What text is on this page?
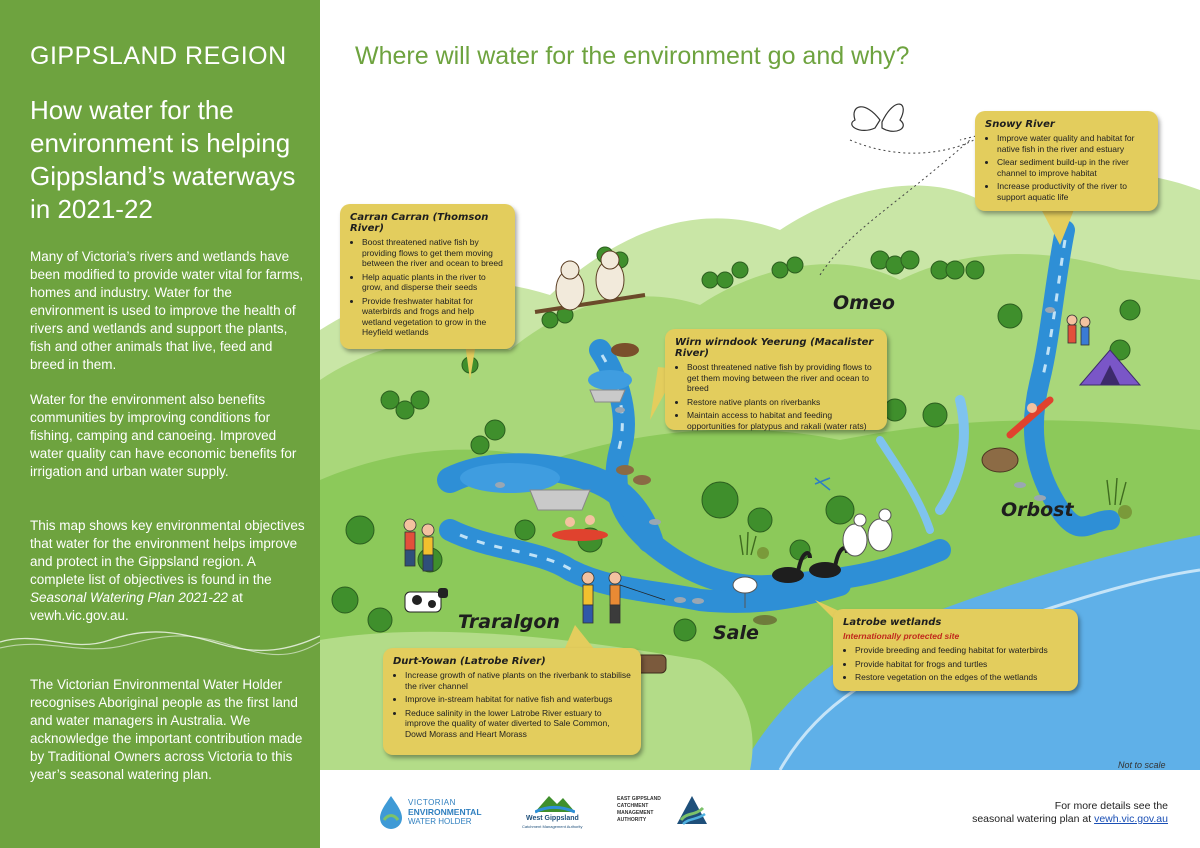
GIPPSLAND REGION
How water for the environment is helping Gippsland’s waterways in 2021-22
Many of Victoria’s rivers and wetlands have been modified to provide water vital for farms, homes and industry. Water for the environment is used to improve the health of rivers and wetlands and support the plants, fish and other animals that live, feed and breed in them.
Water for the environment also benefits communities by improving conditions for fishing, camping and canoeing. Improved water quality can have economic benefits for irrigation and urban water supply.
This map shows key environmental objectives that water for the environment helps improve and protect in the Gippsland region. A complete list of objectives is found in the Seasonal Watering Plan 2021-22 at vewh.vic.gov.au.
The Victorian Environmental Water Holder recognises Aboriginal people as the first land and water managers in Australia. We acknowledge the important contribution made by Traditional Owners across Victoria to this year’s seasonal watering plan.
Where will water for the environment go and why?
Omeo
Orbost
Traralgon	Sale
Carran Carran (Thomson River)
• Boost threatened native fish by providing flows to get them moving between the river and ocean to breed
• Help aquatic plants in the river to grow, and disperse their seeds
• Provide freshwater habitat for waterbirds and frogs and help wetland vegetation to grow in the Heyfield wetlands
Snowy River
• Improve water quality and habitat for native fish in the river and estuary
• Clear sediment build-up in the river channel to improve habitat
• Increase productivity of the river to support aquatic life
Wirn wirndook Yeerung (Macalister River)
• Boost threatened native fish by providing flows to get them moving between the river and ocean to breed
• Restore native plants on riverbanks
• Maintain access to habitat and feeding opportunities for platypus and rakali (water rats)
Latrobe wetlands
Internationally protected site
• Provide breeding and feeding habitat for waterbirds
• Provide habitat for frogs and turtles
• Restore vegetation on the edges of the wetlands
Durt-Yowan (Latrobe River)
• Increase growth of native plants on the riverbank to stabilise the river channel
• Improve in-stream habitat for native fish and waterbugs
• Reduce salinity in the lower Latrobe River estuary to improve the quality of water diverted to Sale Common, Dowd Morass and Heart Morass
Not to scale
VICTORIAN
ENVIRONMENTAL
WATER HOLDER	West Gippsland
Catchment Management Authority
EAST GIPPSLAND
CATCHMENT
MANAGEMENT
AUTHORITY
For more details see the
seasonal watering plan at vewh.vic.gov.au
